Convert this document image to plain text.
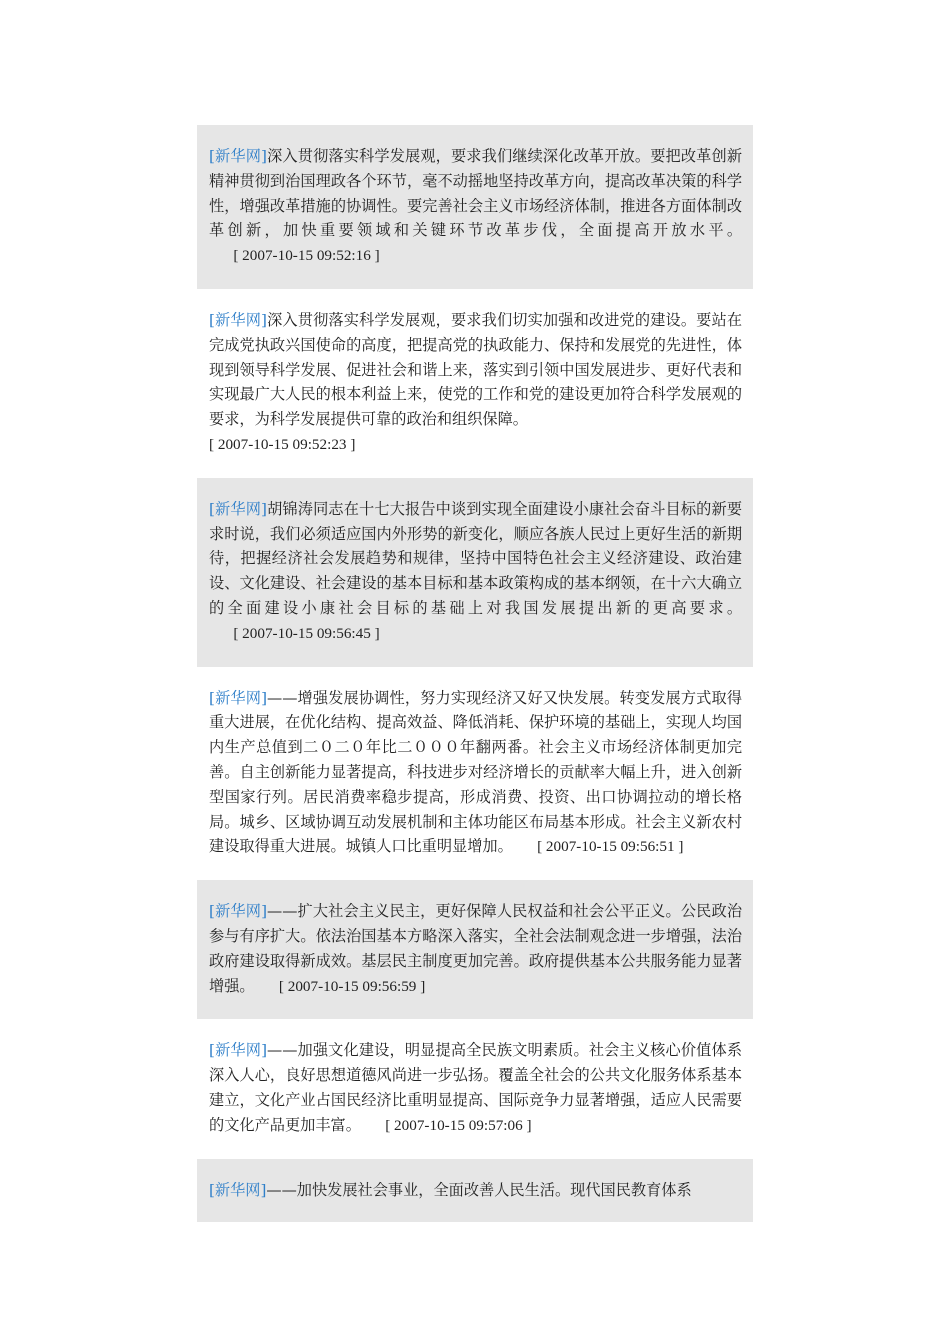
[新华网]深入贯彻落实科学发展观，要求我们继续深化改革开放。要把改革创新精神贯彻到治国理政各个环节，毫不动摇地坚持改革方向，提高改革决策的科学性，增强改革措施的协调性。要完善社会主义市场经济体制，推进各方面体制改革创新，加快重要领域和关键环节改革步伐，全面提高开放水平。[ 2007-10-15 09:52:16 ]
[新华网]深入贯彻落实科学发展观，要求我们切实加强和改进党的建设。要站在完成党执政兴国使命的高度，把提高党的执政能力、保持和发展党的先进性，体现到领导科学发展、促进社会和谐上来，落实到引领中国发展进步、更好代表和实现最广大人民的根本利益上来，使党的工作和党的建设更加符合科学发展观的要求，为科学发展提供可靠的政治和组织保障。
[ 2007-10-15 09:52:23 ]
[新华网]胡锦涛同志在十七大报告中谈到实现全面建设小康社会奋斗目标的新要求时说，我们必须适应国内外形势的新变化，顺应各族人民过上更好生活的新期待，把握经济社会发展趋势和规律，坚持中国特色社会主义经济建设、政治建设、文化建设、社会建设的基本目标和基本政策构成的基本纲领，在十六大确立的全面建设小康社会目标的基础上对我国发展提出新的更高要求。[ 2007-10-15 09:56:45 ]
[新华网]——增强发展协调性，努力实现经济又好又快发展。转变发展方式取得重大进展，在优化结构、提高效益、降低消耗、保护环境的基础上，实现人均国内生产总值到二０二０年比二０００年翻两番。社会主义市场经济体制更加完善。自主创新能力显著提高，科技进步对经济增长的贡献率大幅上升，进入创新型国家行列。居民消费率稳步提高，形成消费、投资、出口协调拉动的增长格局。城乡、区域协调互动发展机制和主体功能区布局基本形成。社会主义新农村建设取得重大进展。城镇人口比重明显增加。 [ 2007-10-15 09:56:51 ]
[新华网]——扩大社会主义民主，更好保障人民权益和社会公平正义。公民政治参与有序扩大。依法治国基本方略深入落实，全社会法制观念进一步增强，法治政府建设取得新成效。基层民主制度更加完善。政府提供基本公共服务能力显著增强。 [ 2007-10-15 09:56:59 ]
[新华网]——加强文化建设，明显提高全民族文明素质。社会主义核心价值体系深入人心，良好思想道德风尚进一步弘扬。覆盖全社会的公共文化服务体系基本建立，文化产业占国民经济比重明显提高、国际竞争力显著增强，适应人民需要的文化产品更加丰富。 [ 2007-10-15 09:57:06 ]
[新华网]——加快发展社会事业，全面改善人民生活。现代国民教育体系
